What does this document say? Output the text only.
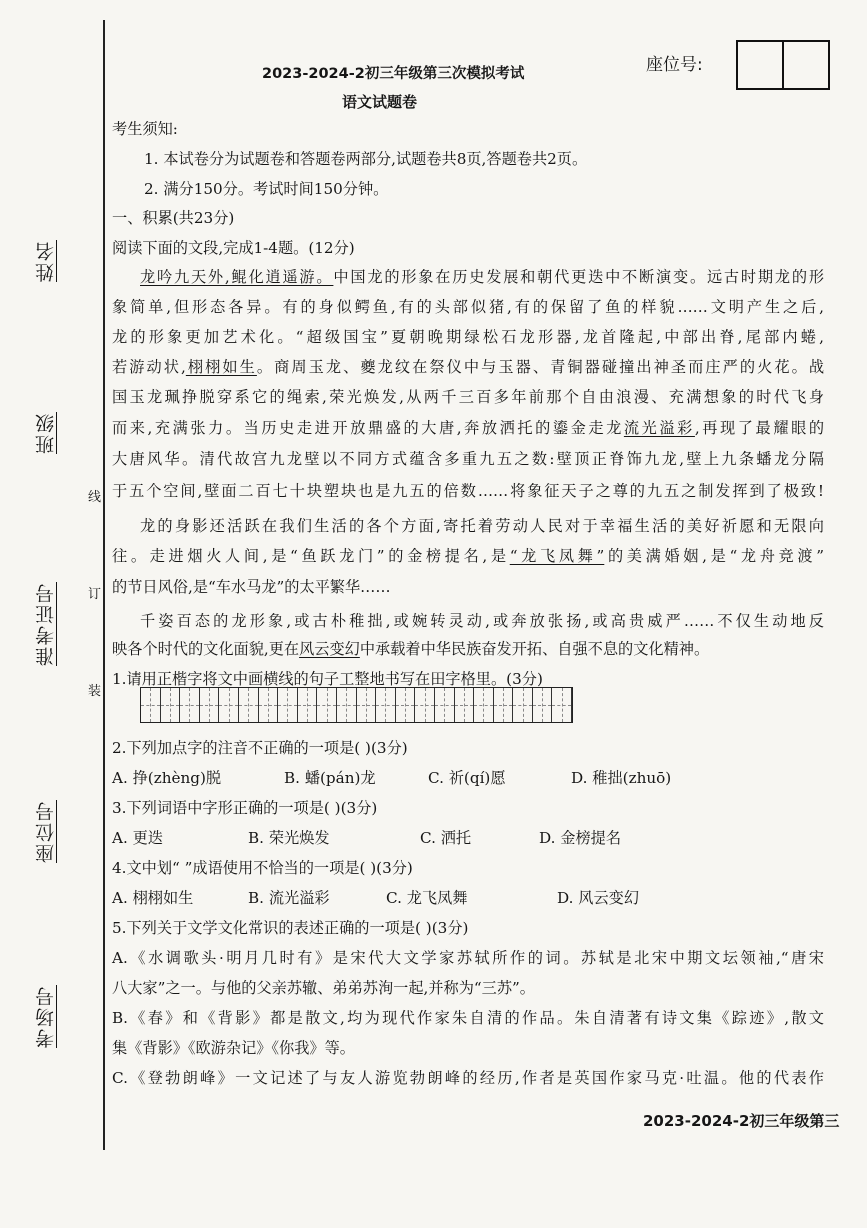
姓名
班级
准考证号
座位号
考场号
线
订
装
2023-2024-2初三年级第三次模拟考试
语文试题卷
座位号:
考生须知:
1. 本试卷分为试题卷和答题卷两部分,试题卷共8页,答题卷共2页。
2. 满分150分。考试时间150分钟。
一、积累(共23分)
阅读下面的文段,完成1-4题。(12分)
龙吟九天外,鲲化逍遥游。中国龙的形象在历史发展和朝代更迭中不断演变。远古时期龙的形
象简单,但形态各异。有的身似鳄鱼,有的头部似猪,有的保留了鱼的样貌……文明产生之后,
龙的形象更加艺术化。“超级国宝”夏朝晚期绿松石龙形器,龙首隆起,中部出脊,尾部内蜷,
若游动状,栩栩如生。商周玉龙、夔龙纹在祭仪中与玉器、青铜器碰撞出神圣而庄严的火花。战
国玉龙珮挣脱穿系它的绳索,荣光焕发,从两千三百多年前那个自由浪漫、充满想象的时代飞身
而来,充满张力。当历史走进开放鼎盛的大唐,奔放洒托的鎏金走龙流光溢彩,再现了最耀眼的
大唐风华。清代故宫九龙壁以不同方式蕴含多重九五之数:壁顶正脊饰九龙,壁上九条蟠龙分隔
于五个空间,壁面二百七十块塑块也是九五的倍数……将象征天子之尊的九五之制发挥到了极致!
龙的身影还活跃在我们生活的各个方面,寄托着劳动人民对于幸福生活的美好祈愿和无限向
往。走进烟火人间,是“鱼跃龙门”的金榜提名,是“龙飞凤舞”的美满婚姻,是“龙舟竞渡”
的节日风俗,是“车水马龙”的太平繁华……
千姿百态的龙形象,或古朴稚拙,或婉转灵动,或奔放张扬,或高贵威严……不仅生动地反
映各个时代的文化面貌,更在风云变幻中承载着中华民族奋发开拓、自强不息的文化精神。
1.请用正楷字将文中画横线的句子工整地书写在田字格里。(3分)
2.下列加点字的注音不正确的一项是( )(3分)
A. 挣(zhèng)脱	B. 蟠(pán)龙	C. 祈(qí)愿	D. 稚拙(zhuō)
3.下列词语中字形正确的一项是( )(3分)
A. 更迭	B. 荣光焕发	C. 洒托	D. 金榜提名
4.文中划“ ”成语使用不恰当的一项是( )(3分)
A. 栩栩如生	B. 流光溢彩	C. 龙飞凤舞	D. 风云变幻
5.下列关于文学文化常识的表述正确的一项是( )(3分)
A.《水调歌头·明月几时有》是宋代大文学家苏轼所作的词。苏轼是北宋中期文坛领袖,“唐宋
八大家”之一。与他的父亲苏辙、弟弟苏洵一起,并称为“三苏”。
B.《春》和《背影》都是散文,均为现代作家朱自清的作品。朱自清著有诗文集《踪迹》,散文
集《背影》《欧游杂记》《你我》等。
C.《登勃朗峰》一文记述了与友人游览勃朗峰的经历,作者是英国作家马克·吐温。他的代表作
2023-2024-2初三年级第三
